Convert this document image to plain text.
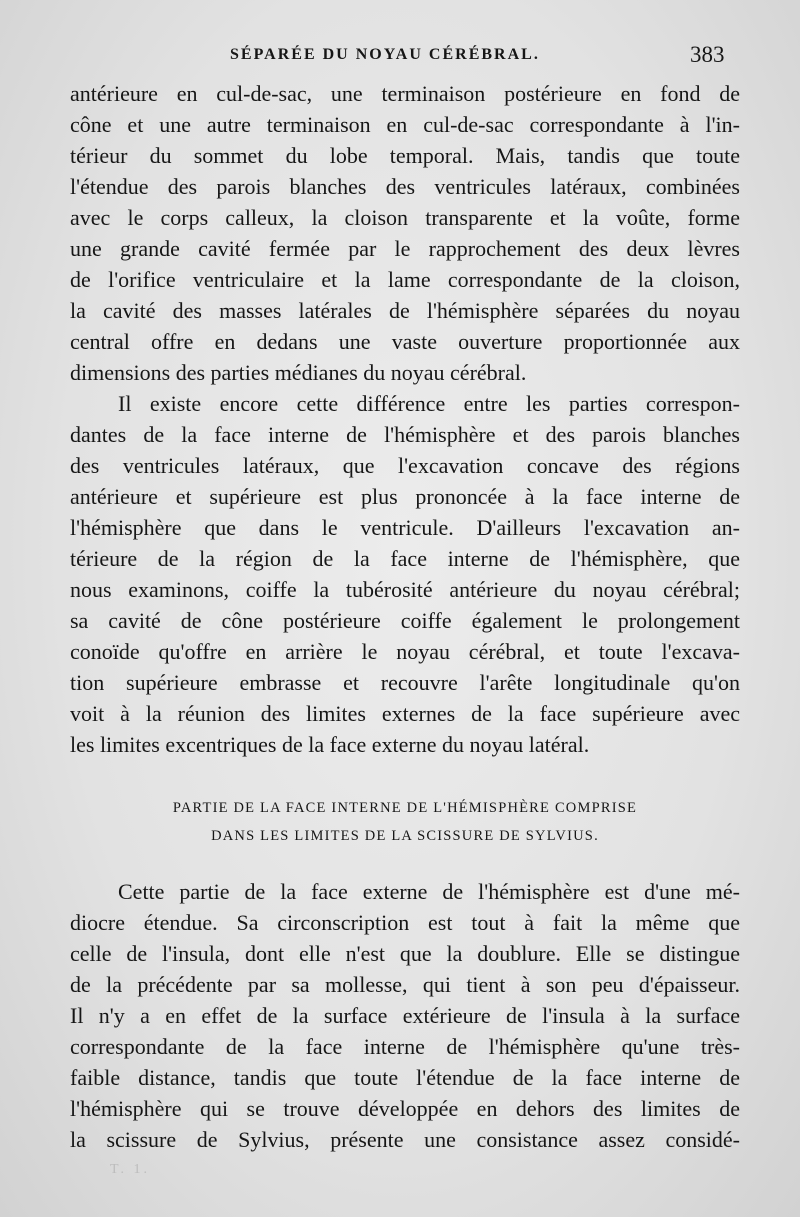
SÉPARÉE DU NOYAU CÉRÉBRAL.	383
antérieure en cul-de-sac, une terminaison postérieure en fond de
cône et une autre terminaison en cul-de-sac correspondante à l'in-
térieur du sommet du lobe temporal. Mais, tandis que toute
l'étendue des parois blanches des ventricules latéraux, combinées
avec le corps calleux, la cloison transparente et la voûte, forme
une grande cavité fermée par le rapprochement des deux lèvres
de l'orifice ventriculaire et la lame correspondante de la cloison,
la cavité des masses latérales de l'hémisphère séparées du noyau
central offre en dedans une vaste ouverture proportionnée aux
dimensions des parties médianes du noyau cérébral.
Il existe encore cette différence entre les parties correspon-
dantes de la face interne de l'hémisphère et des parois blanches
des ventricules latéraux, que l'excavation concave des régions
antérieure et supérieure est plus prononcée à la face interne de
l'hémisphère que dans le ventricule. D'ailleurs l'excavation an-
térieure de la région de la face interne de l'hémisphère, que
nous examinons, coiffe la tubérosité antérieure du noyau cérébral;
sa cavité de cône postérieure coiffe également le prolongement
conoïde qu'offre en arrière le noyau cérébral, et toute l'excava-
tion supérieure embrasse et recouvre l'arête longitudinale qu'on
voit à la réunion des limites externes de la face supérieure avec
les limites excentriques de la face externe du noyau latéral.
PARTIE DE LA FACE INTERNE DE L'HÉMISPHÈRE COMPRISE
DANS LES LIMITES DE LA SCISSURE DE SYLVIUS.
Cette partie de la face externe de l'hémisphère est d'une mé-
diocre étendue. Sa circonscription est tout à fait la même que
celle de l'insula, dont elle n'est que la doublure. Elle se distingue
de la précédente par sa mollesse, qui tient à son peu d'épaisseur.
Il n'y a en effet de la surface extérieure de l'insula à la surface
correspondante de la face interne de l'hémisphère qu'une très-
faible distance, tandis que toute l'étendue de la face interne de
l'hémisphère qui se trouve développée en dehors des limites de
la scissure de Sylvius, présente une consistance assez considé-
T. 1.
